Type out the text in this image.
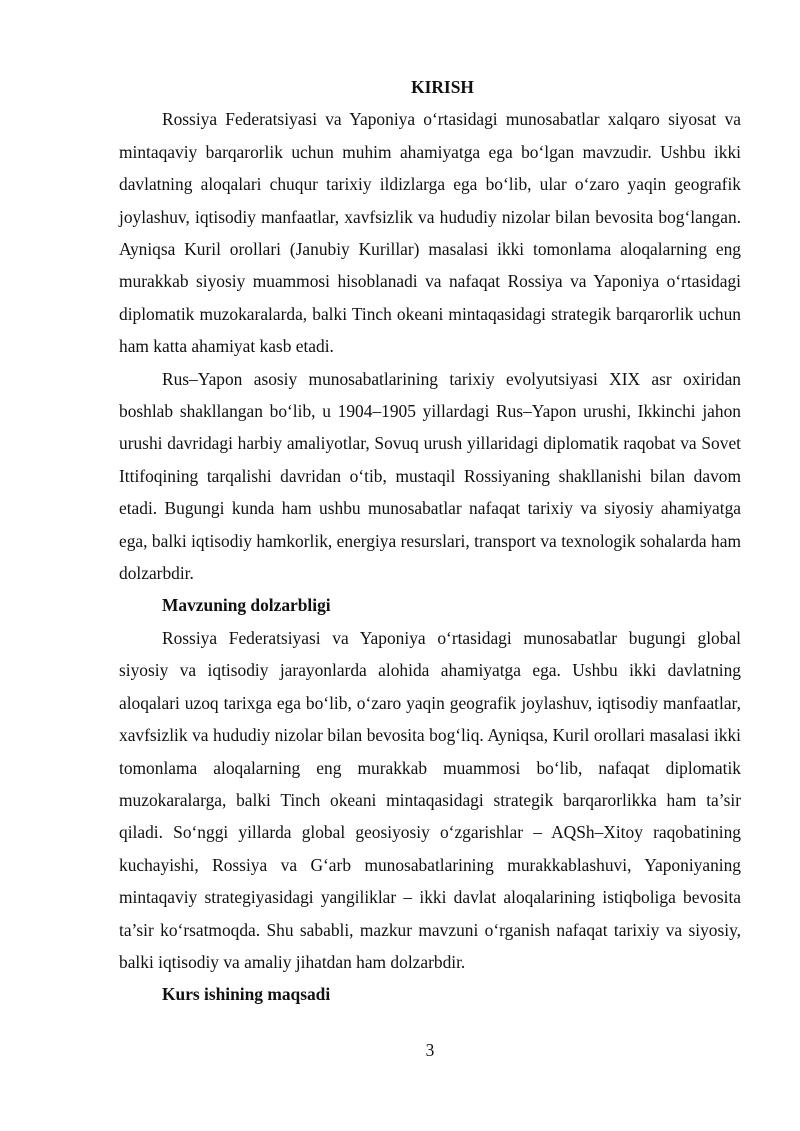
KIRISH

Rossiya Federatsiyasi va Yaponiya o‘rtasidagi munosabatlar xalqaro siyosat va mintaqaviy barqarorlik uchun muhim ahamiyatga ega bo‘lgan mavzudir. Ushbu ikki davlatning aloqalari chuqur tarixiy ildizlarga ega bo‘lib, ular o‘zaro yaqin geografik joylashuv, iqtisodiy manfaatlar, xavfsizlik va hududiy nizolar bilan bevosita bog‘langan. Ayniqsa Kuril orollari (Janubiy Kurillar) masalasi ikki tomonlama aloqalarning eng murakkab siyosiy muammosi hisoblanadi va nafaqat Rossiya va Yaponiya o‘rtasidagi diplomatik muzokaralarda, balki Tinch okeani mintaqasidagi strategik barqarorlik uchun ham katta ahamiyat kasb etadi.

Rus–Yapon asosiy munosabatlarining tarixiy evolyutsiyasi XIX asr oxiridan boshlab shakllangan bo‘lib, u 1904–1905 yillardagi Rus–Yapon urushi, Ikkinchi jahon urushi davridagi harbiy amaliyotlar, Sovuq urush yillaridagi diplomatik raqobat va Sovet Ittifoqining tarqalishi davridan o‘tib, mustaqil Rossiyaning shakllanishi bilan davom etadi. Bugungi kunda ham ushbu munosabatlar nafaqat tarixiy va siyosiy ahamiyatga ega, balki iqtisodiy hamkorlik, energiya resurslari, transport va texnologik sohalarda ham dolzarbdir.

Mavzuning dolzarbligi

Rossiya Federatsiyasi va Yaponiya o‘rtasidagi munosabatlar bugungi global siyosiy va iqtisodiy jarayonlarda alohida ahamiyatga ega. Ushbu ikki davlatning aloqalari uzoq tarixga ega bo‘lib, o‘zaro yaqin geografik joylashuv, iqtisodiy manfaatlar, xavfsizlik va hududiy nizolar bilan bevosita bog‘liq. Ayniqsa, Kuril orollari masalasi ikki tomonlama aloqalarning eng murakkab muammosi bo‘lib, nafaqat diplomatik muzokaralarga, balki Tinch okeani mintaqasidagi strategik barqarorlikka ham ta’sir qiladi. So‘nggi yillarda global geosiyosiy o‘zgarishlar – AQSh–Xitoy raqobatining kuchayishi, Rossiya va G‘arb munosabatlarining murakkablashuvi, Yaponiyaning mintaqaviy strategiyasidagi yangiliklar – ikki davlat aloqalarining istiqboliga bevosita ta’sir ko‘rsatmoqda. Shu sababli, mazkur mavzuni o‘rganish nafaqat tarixiy va siyosiy, balki iqtisodiy va amaliy jihatdan ham dolzarbdir.

Kurs ishining maqsadi

3
